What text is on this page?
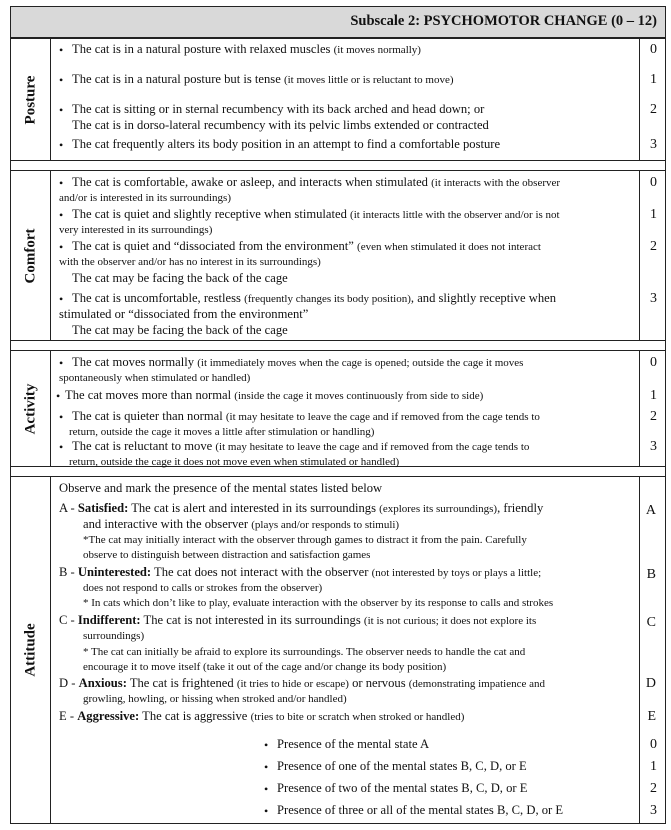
Subscale 2: PSYCHOMOTOR CHANGE (0 – 12)
Posture
• The cat is in a natural posture with relaxed muscles (it moves normally)	0
• The cat is in a natural posture but is tense (it moves little or is reluctant to move)	1
• The cat is sitting or in sternal recumbency with its back arched and head down; or
The cat is in dorso-lateral recumbency with its pelvic limbs extended or contracted
2
• The cat frequently alters its body position in an attempt to find a comfortable posture	3
Comfort
• The cat is comfortable, awake or asleep, and interacts when stimulated (it interacts with the observer
and/or is interested in its surroundings)
0
• The cat is quiet and slightly receptive when stimulated (it interacts little with the observer and/or is not
very interested in its surroundings)
1
• The cat is quiet and “dissociated from the environment” (even when stimulated it does not interact
with the observer and/or has no interest in its surroundings)
The cat may be facing the back of the cage
2
• The cat is uncomfortable, restless (frequently changes its body position), and slightly receptive when
stimulated or “dissociated from the environment”
The cat may be facing the back of the cage
3
Activity
• The cat moves normally (it immediately moves when the cage is opened; outside the cage it moves
spontaneously when stimulated or handled)
0
• The cat moves more than normal (inside the cage it moves continuously from side to side)	1
• The cat is quieter than normal (it may hesitate to leave the cage and if removed from the cage tends to
return, outside the cage it moves a little after stimulation or handling)
2
• The cat is reluctant to move (it may hesitate to leave the cage and if removed from the cage tends to
return, outside the cage it does not move even when stimulated or handled)
3
Attitude
Observe and mark the presence of the mental states listed below
A - Satisfied: The cat is alert and interested in its surroundings (explores its surroundings), friendly
and interactive with the observer (plays and/or responds to stimuli)
*The cat may initially interact with the observer through games to distract it from the pain. Carefully
observe to distinguish between distraction and satisfaction games
A
B - Uninterested: The cat does not interact with the observer (not interested by toys or plays a little;
does not respond to calls or strokes from the observer)
* In cats which don’t like to play, evaluate interaction with the observer by its response to calls and strokes
B
C - Indifferent: The cat is not interested in its surroundings (it is not curious; it does not explore its
surroundings)
* The cat can initially be afraid to explore its surroundings. The observer needs to handle the cat and
encourage it to move itself (take it out of the cage and/or change its body position)
C
D - Anxious: The cat is frightened (it tries to hide or escape) or nervous (demonstrating impatience and
growling, howling, or hissing when stroked and/or handled)
D
E - Aggressive: The cat is aggressive (tries to bite or scratch when stroked or handled)	E
• Presence of the mental state A	0
• Presence of one of the mental states B, C, D, or E	1
• Presence of two of the mental states B, C, D, or E	2
• Presence of three or all of the mental states B, C, D, or E	3
